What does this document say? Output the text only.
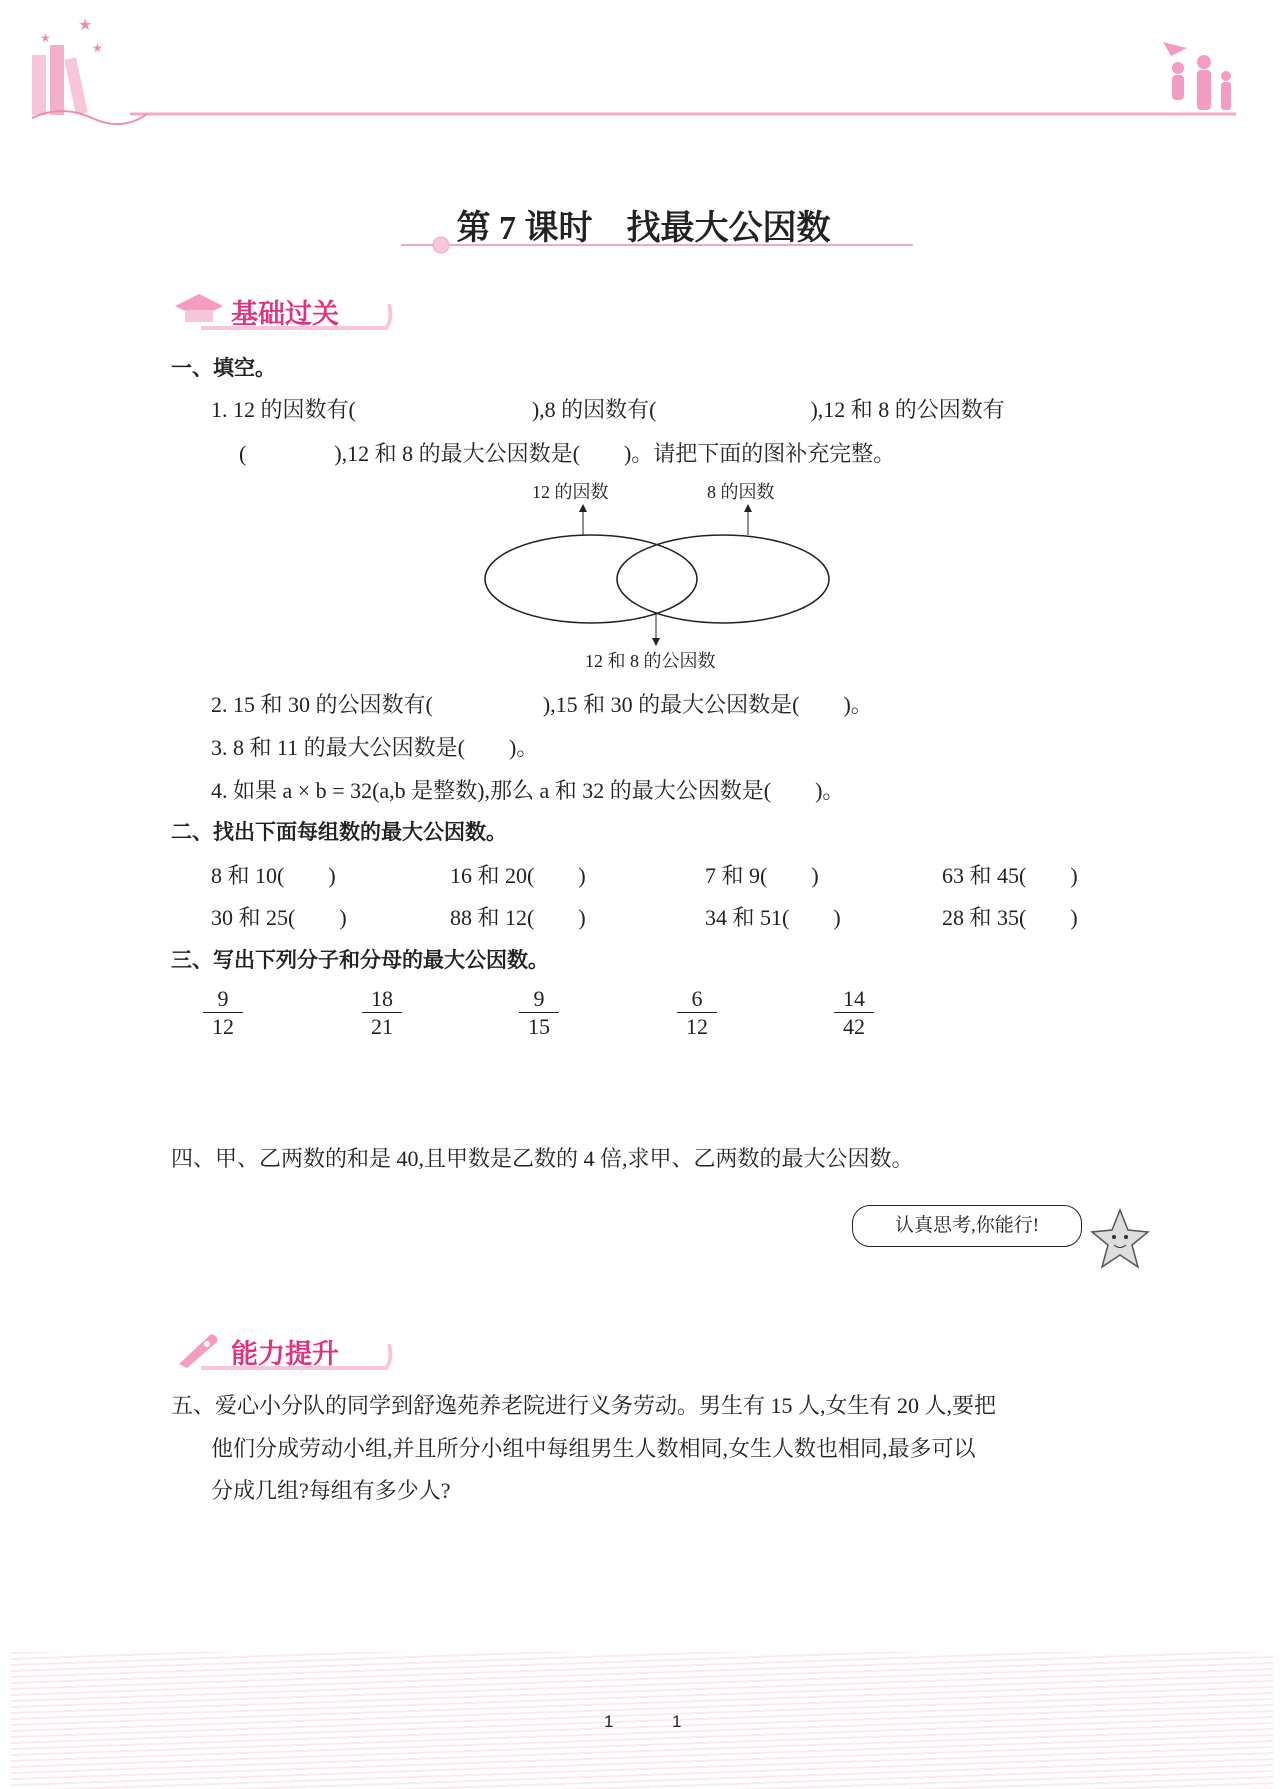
★
★
★
第 7 课时　找最大公因数
基础过关
一、填空。
1. 12 的因数有(　　　　　　　　),8 的因数有(　　　　　　　),12 和 8 的公因数有
(　　　　),12 和 8 的最大公因数是(　　)。请把下面的图补充完整。
12 的因数	8 的因数
12 和 8 的公因数
2. 15 和 30 的公因数有(　　　　　),15 和 30 的最大公因数是(　　)。
3. 8 和 11 的最大公因数是(　　)。
4. 如果 a × b = 32(a,b 是整数),那么 a 和 32 的最大公因数是(　　)。
二、找出下面每组数的最大公因数。
8 和 10(　　)	16 和 20(　　)	7 和 9(　　)	63 和 45(　　)
30 和 25(　　)	88 和 12(　　)	34 和 51(　　)	28 和 35(　　)
三、写出下列分子和分母的最大公因数。
$\frac{9}{12}$	$\frac{18}{21}$	$\frac{9}{15}$	$\frac{6}{12}$	$\frac{14}{42}$
四、甲、乙两数的和是 40,且甲数是乙数的 4 倍,求甲、乙两数的最大公因数。
认真思考,你能行!
能力提升
五、爱心小分队的同学到舒逸苑养老院进行义务劳动。男生有 15 人,女生有 20 人,要把
他们分成劳动小组,并且所分小组中每组男生人数相同,女生人数也相同,最多可以
分成几组?每组有多少人?
1	1
